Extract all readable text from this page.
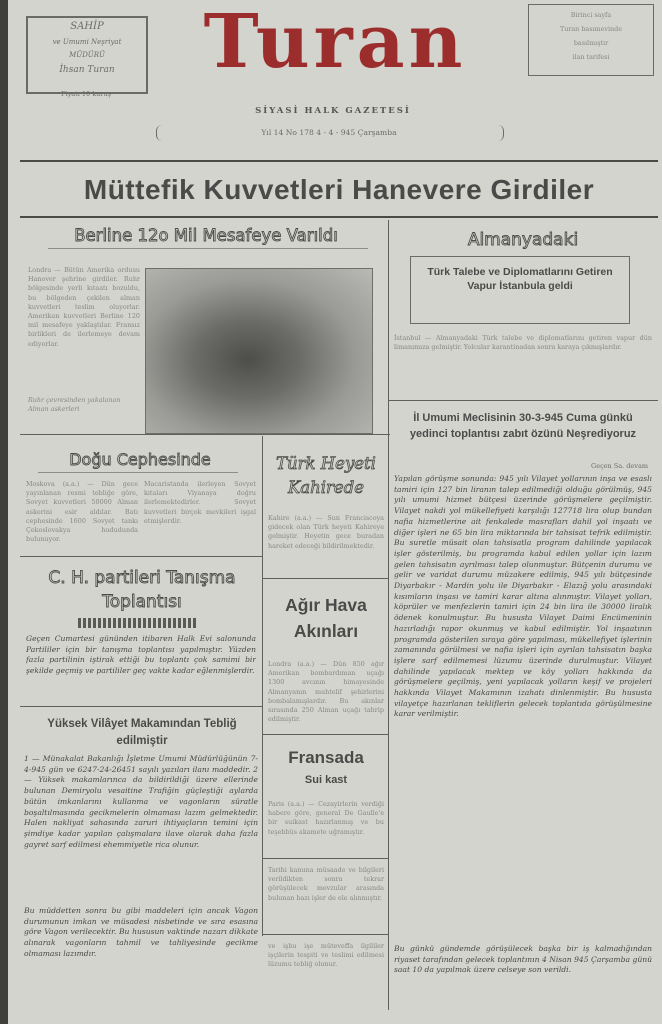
SAHİP
ve Umumi Neşriyat
MÜDÜRÜ
İhsan Turan
Fiyatı 10 kuruş
Turan
SİYASİ HALK GAZETESİ
Yıl 14 No 178 4 - 4 - 945 Çarşamba
Birinci sayfa
Turan basımevinde
basılmıştır
ilan tarifesi
Müttefik Kuvvetleri Hanevere Girdiler
Berline 12o Mil Mesafeye Varıldı
Londra — Bütün Amerika ordusu Hanover şehrine girdiler. Ruhr bölgesinde yerli kıtaatı bozuldu, bu bölgeden çekilen alman kuvvetleri teslim oluyorlar. Amerikan kuvvetleri Berline 120 mil mesafeye yaklaştılar. Fransız birlikleri de ilerlemeye devam ediyorlar.
Ruhr çevresinden yakalanan Alman askerleri
Almanyadaki
Türk Talebe ve Diplomatlarını Getiren Vapur İstanbula geldi
İstanbul — Almanyadaki Türk talebe ve diplomatlarını getiren vapur dün limanımıza gelmiştir. Yolcular karantinadan sonra karaya çıkmışlardır.
İl Umumi Meclisinin 30-3-945 Cuma günkü yedinci toplantısı zabıt özünü Neşrediyoruz
Geçen Sa. devam
Yapılan görüşme sonunda: 945 yılı Vilayet yollarının inşa ve esaslı tamiri için 127 bin liranın talep edilmediği olduğu görülmüş, 945 yılı umumi hizmet bütçesi üzerinde görüşmelere geçilmiştir. Vilayet nakdi yol mükellefiyeti karşılığı 127718 lira olup bundan nafia hizmetlerine ait fenkalede masrafları dahil yol inşaatı ve diğer işleri ne 65 bin lira miktarında bir tahsisat tefrik edilmiştir. Bu suretle müsait olan tahsisatla program dahilinde yapılacak işler gösterilmiş, bu programda kabul edilen yollar için lazım gelen tahsisatın ayrılması talep olunmuştur. Bütçenin durumu ve gelir ve varidat durumu müzakere edilmiş, 945 yılı bütçesinde Diyarbakır - Mardin yolu ile Diyarbakır - Elazığ yolu arasındaki kısımların inşası ve tamiri karar altına alınmıştır. Vilayet yolları, köprüler ve menfezlerin tamiri için 24 bin lira ile 30000 liralık ödenek konulmuştur. Bu hususta Vilayet Daimi Encümeninin hazırladığı rapor okunmuş ve kabul edilmiştir. Yol inşaatının programda gösterilen sıraya göre yapılması, mükellefiyet işlerinin zamanında görülmesi ve nafia işleri için ayrılan tahsisatın başka işlere sarf edilmemesi lüzumu üzerinde durulmuştur. Vilayet dahilinde yapılacak mektep ve köy yolları hakkında da görüşmelere geçilmiş, yeni yapılacak yolların keşif ve projeleri hakkında Vilayet Makamının izahatı dinlenmiştir. Bu hususta vilayetçe hazırlanan tekliflerin gelecek toplantıda görüşülmesine karar verilmiştir.
Bu günkü gündemde görüşülecek başka bir iş kalmadığından riyaset tarafından gelecek toplantının 4 Nisan 945 Çarşamba günü saat 10 da yapılmak üzere celseye son verildi.
Doğu Cephesinde
Moskova (a.a.) — Dün gece yayınlanan resmi tebliğe göre, Sovyet kuvvetleri 50000 Alman askerini esir aldılar. Batı cephesinde 1600 Sovyet tankı Çekoslovakya hududunda bulunuyor.
Macaristanda ilerleyen Sovyet kıtaları Viyanaya doğru ilerlemektedirler. Sovyet kuvvetleri birçok mevkileri işgal etmişlerdir.
Türk Heyeti Kahirede
Kahire (a.a.) — Sun Franciscoya gidecek olan Türk heyeti Kahireye gelmiştir. Heyetin gece buradan hareket edeceği bildirilmektedir.
C. H. partileri Tanışma Toplantısı
Geçen Cumartesi gününden itibaren Halk Evi salonunda Partililer için bir tanışma toplantısı yapılmıştır. Yüzden fazla partilinin iştirak ettiği bu toplantı çok samimi bir şekilde geçmiş ve partililer geç vakte kadar eğlenmişlerdir.
Ağır Hava Akınları
Londra (a.a.) — Dün 850 ağır Amerikan bombardıman uçağı 1300 avcının himayesinde Almanyanın muhtelif şehirlerini bombalamışlardır. Bu akınlar sırasında 250 Alman uçağı tahrip edilmiştir.
Yüksek Vilâyet Makamından Tebliğ edilmiştir
1 — Münakalat Bakanlığı İşletme Umumi Müdürlüğünün 7-4-945 gün ve 6247-24-26451 sayılı yazıları ilanı maddedir. 2 — Yüksek makamlarınca da bildirildiği üzere ellerinde bulunan Demiryolu vesaitine Trafiğin güçleştiği aylarda bütün imkanlarını kullanma ve vagonların süratle boşaltılmasında gecikmelerin olmaması lazım gelmektedir. Halen nakliyat sahasında zaruri ihtiyaçların temini için şimdiye kadar yapılan çalışmalara ilave olarak daha fazla gayret sarf edilmesi ehemmiyetle rica olunur.
Bu müddetten sonra bu gibi maddeleri için ancak Vagon durumunun imkan ve müsadesi nisbetinde ve sıra esasına göre Vagon verilecektir. Bu hususun vaktinde nazarı dikkate alınarak vagonların tahmil ve tahliyesinde gecikme olmaması lazımdır.
Fransada
Sui kast
Paris (a.a.) — Cezayirlerin verdiği habere göre, general De Gaulle'e bir suikast hazırlanmış ve bu teşebbüs akamete uğramıştır.
Tarihi kanuna müsaade ve bilgileri verildikten sonra tekrar görüşülecek mevzular arasında bulunan bazı işler de ele alınmıştır.
ve işbu işe müteveffa ilgililer işçilerin tespiti ve teslimi edilmesi lüzumu tebliğ olunur.
